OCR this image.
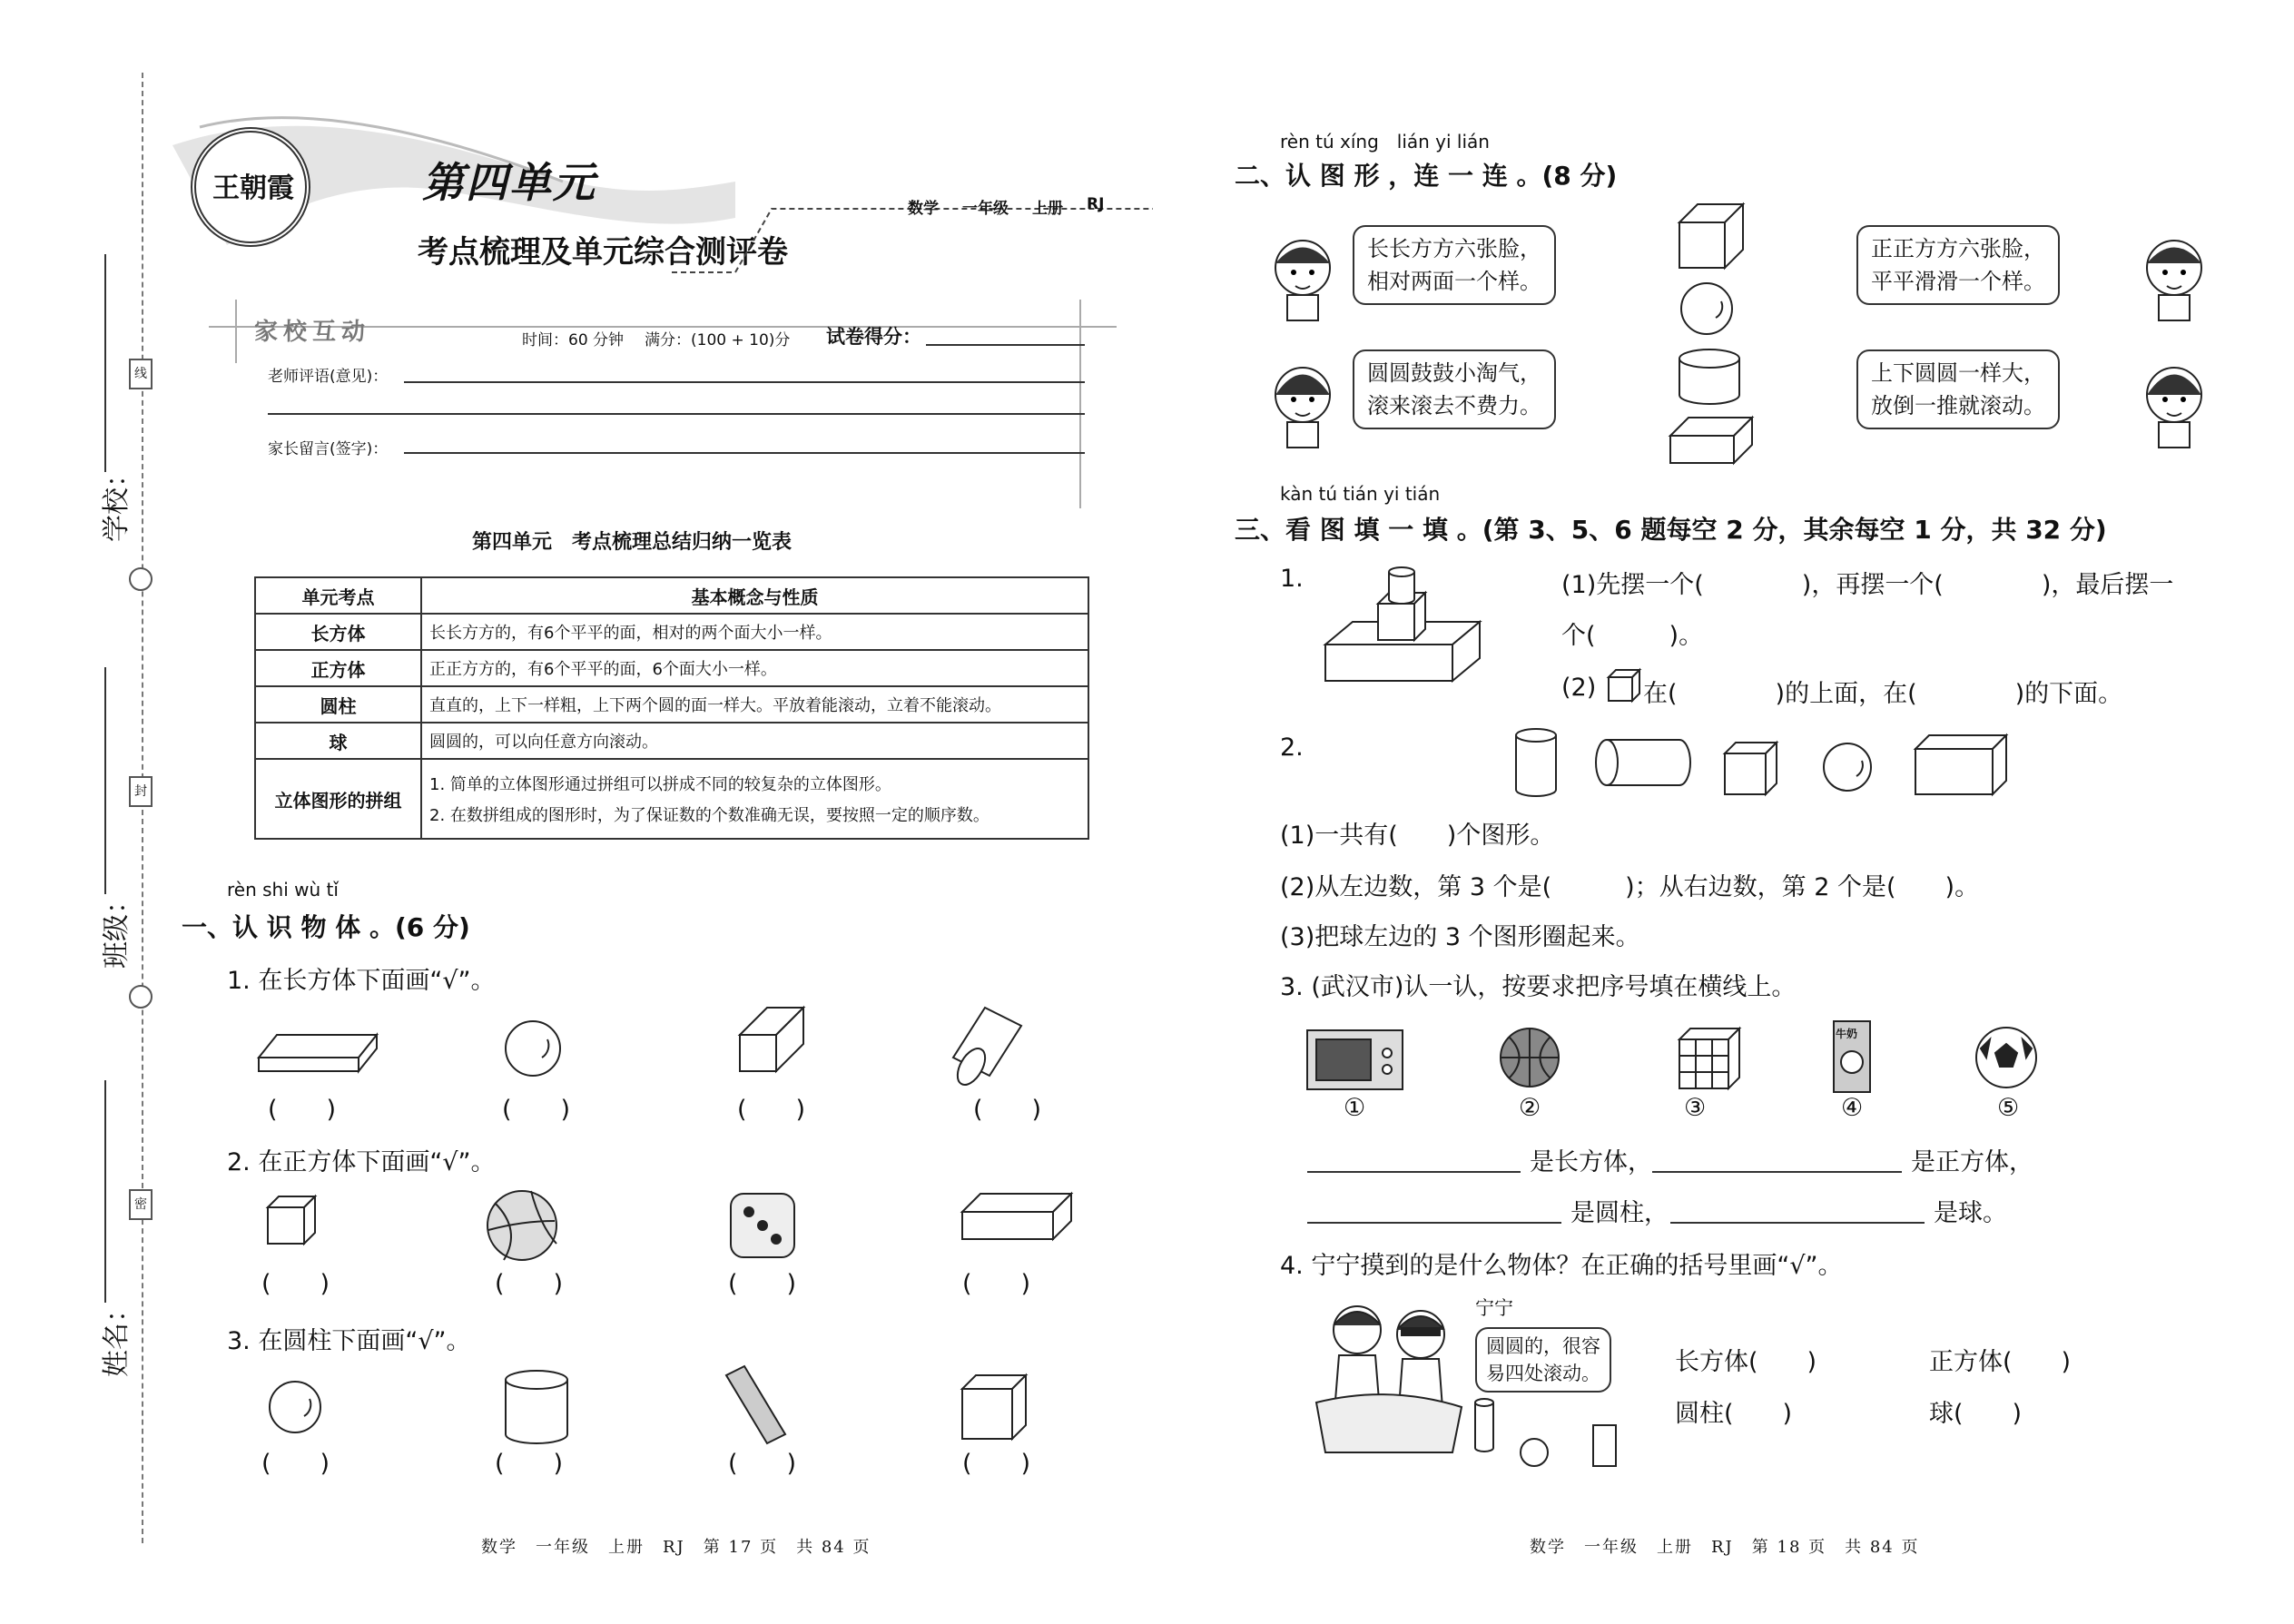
学校：
班级：
姓名：
线
封
密
王朝霞	第四单元
考点梳理及单元综合测评卷
数学 一年级 上册 RJ
家校互动	时间：60 分钟 满分：(100 + 10)分 试卷得分：
老师评语(意见)：
家长留言(签字)：
第四单元　考点梳理总结归纳一览表
单元考点	基本概念与性质
长方体	长长方方的，有6个平平的面，相对的两个面大小一样。
正方体	正正方方的，有6个平平的面，6个面大小一样。
圆柱	直直的，上下一样粗，上下两个圆的面一样大。平放着能滚动，立着不能滚动。
球	圆圆的，可以向任意方向滚动。
立体图形的拼组	1. 简单的立体图形通过拼组可以拼成不同的较复杂的立体图形。
2. 在数拼组成的图形时，为了保证数的个数准确无误，要按照一定的顺序数。
rèn shi wù tǐ
一、认 识 物 体 。(6 分)
1. 在长方体下面画“√”。
(　　)	(　　)	(　　)	(　　)
2. 在正方体下面画“√”。
(　　)	(　　)	(　　)	(　　)
3. 在圆柱下面画“√”。
(　　)	(　　)	(　　)	(　　)
数学　一年级　上册　RJ　第 17 页　共 84 页
rèn tú xíng　lián yi lián
二、认 图 形 ，连 一 连 。(8 分)
长长方方六张脸，
相对两面一个样。
圆圆鼓鼓小淘气，
滚来滚去不费力。
正正方方六张脸，
平平滑滑一个样。
上下圆圆一样大，
放倒一推就滚动。
kàn tú tián yi tián
三、看 图 填 一 填 。(第 3、5、6 题每空 2 分，其余每空 1 分，共 32 分)
1.	(1)先摆一个(　　　　)，再摆一个(　　　　)，最后摆一
个(　　　)。
(2) 在(　　　　)的上面，在(　　　　)的下面。
2.
(1)一共有(　　)个图形。
(2)从左边数，第 3 个是(　　　)；从右边数，第 2 个是(　　)。
(3)把球左边的 3 个图形圈起来。
3. (武汉市)认一认，按要求把序号填在横线上。
牛奶
①	②	③	④	⑤
是长方体，	是正方体，
是圆柱，	是球。
4. 宁宁摸到的是什么物体？在正确的括号里画“√”。
宁宁
圆圆的，很容
易四处滚动。	长方体(　　)	正方体(　　)
圆柱(　　)	球(　　)
数学　一年级　上册　RJ　第 18 页　共 84 页
